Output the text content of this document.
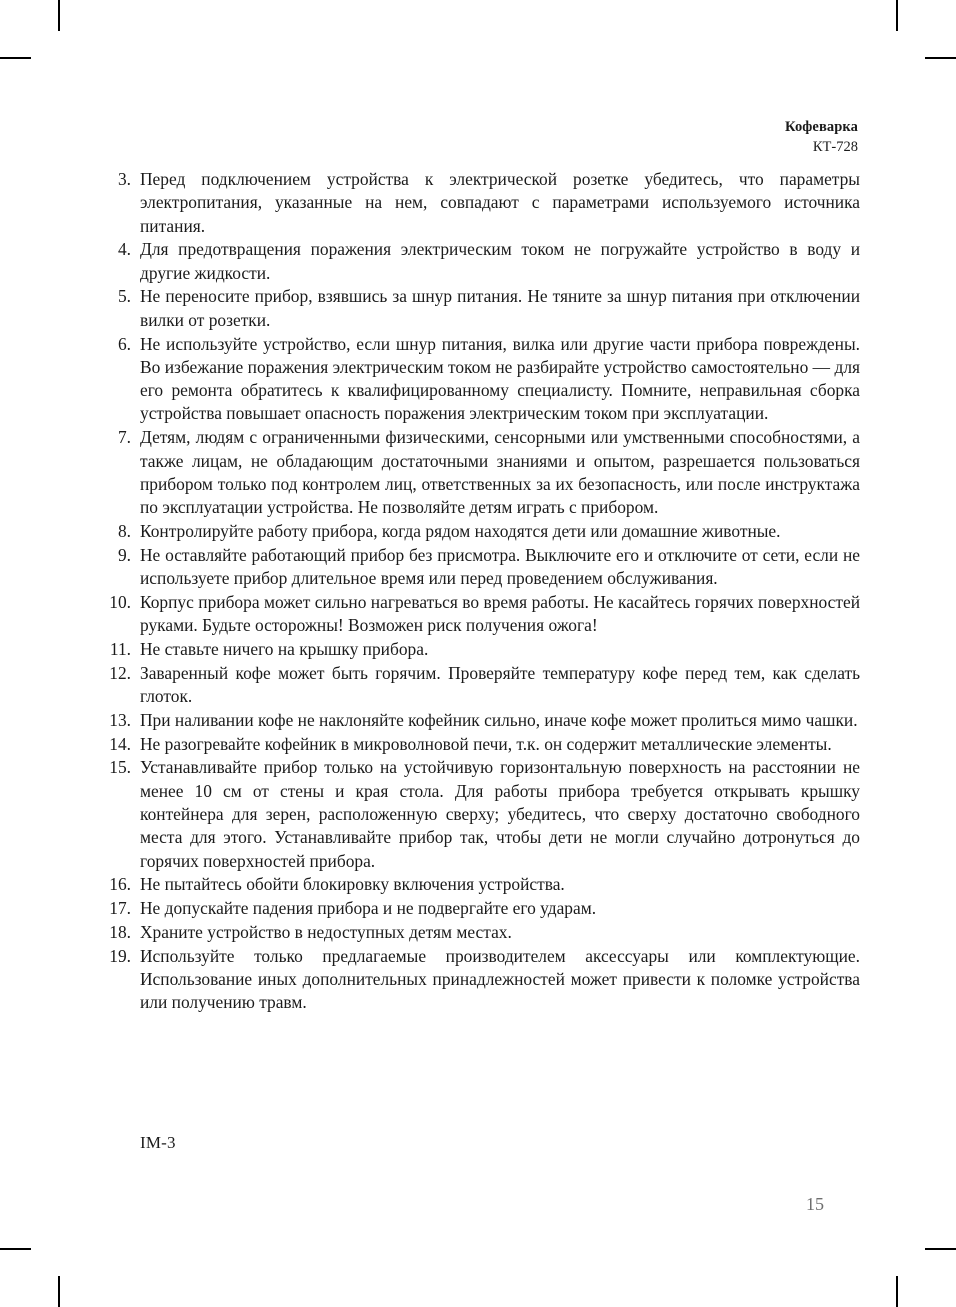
Кофеварка
КТ-728
3. Перед подключением устройства к электрической розетке убедитесь, что параметры электропитания, указанные на нем, совпадают с параметрами используемого источника питания.
4. Для предотвращения поражения электрическим током не погружайте устройство в воду и другие жидкости.
5. Не переносите прибор, взявшись за шнур питания. Не тяните за шнур питания при отключении вилки от розетки.
6. Не используйте устройство, если шнур питания, вилка или другие части прибора повреждены. Во избежание поражения электрическим током не разбирайте устройство самостоятельно — для его ремонта обратитесь к квалифицированному специалисту. Помните, неправильная сборка устройства повышает опасность поражения электрическим током при эксплуатации.
7. Детям, людям с ограниченными физическими, сенсорными или умственными способностями, а также лицам, не обладающим достаточными знаниями и опытом, разрешается пользоваться прибором только под контролем лиц, ответственных за их безопасность, или после инструктажа по эксплуатации устройства. Не позволяйте детям играть с прибором.
8. Контролируйте работу прибора, когда рядом находятся дети или домашние животные.
9. Не оставляйте работающий прибор без присмотра. Выключите его и отключите от сети, если не используете прибор длительное время или перед проведением обслуживания.
10. Корпус прибора может сильно нагреваться во время работы. Не касайтесь горячих поверхностей руками. Будьте осторожны! Возможен риск получения ожога!
11. Не ставьте ничего на крышку прибора.
12. Заваренный кофе может быть горячим. Проверяйте температуру кофе перед тем, как сделать глоток.
13. При наливании кофе не наклоняйте кофейник сильно, иначе кофе может пролиться мимо чашки.
14. Не разогревайте кофейник в микроволновой печи, т.к. он содержит металлические элементы.
15. Устанавливайте прибор только на устойчивую горизонтальную поверхность на расстоянии не менее 10 см от стены и края стола. Для работы прибора требуется открывать крышку контейнера для зерен, расположенную сверху; убедитесь, что сверху достаточно свободного места для этого. Устанавливайте прибор так, чтобы дети не могли случайно дотронуться до горячих поверхностей прибора.
16. Не пытайтесь обойти блокировку включения устройства.
17. Не допускайте падения прибора и не подвергайте его ударам.
18. Храните устройство в недоступных детям местах.
19. Используйте только предлагаемые производителем аксессуары или комплектующие. Использование иных дополнительных принадлежностей может привести к поломке устройства или получению травм.
IM-3
15
